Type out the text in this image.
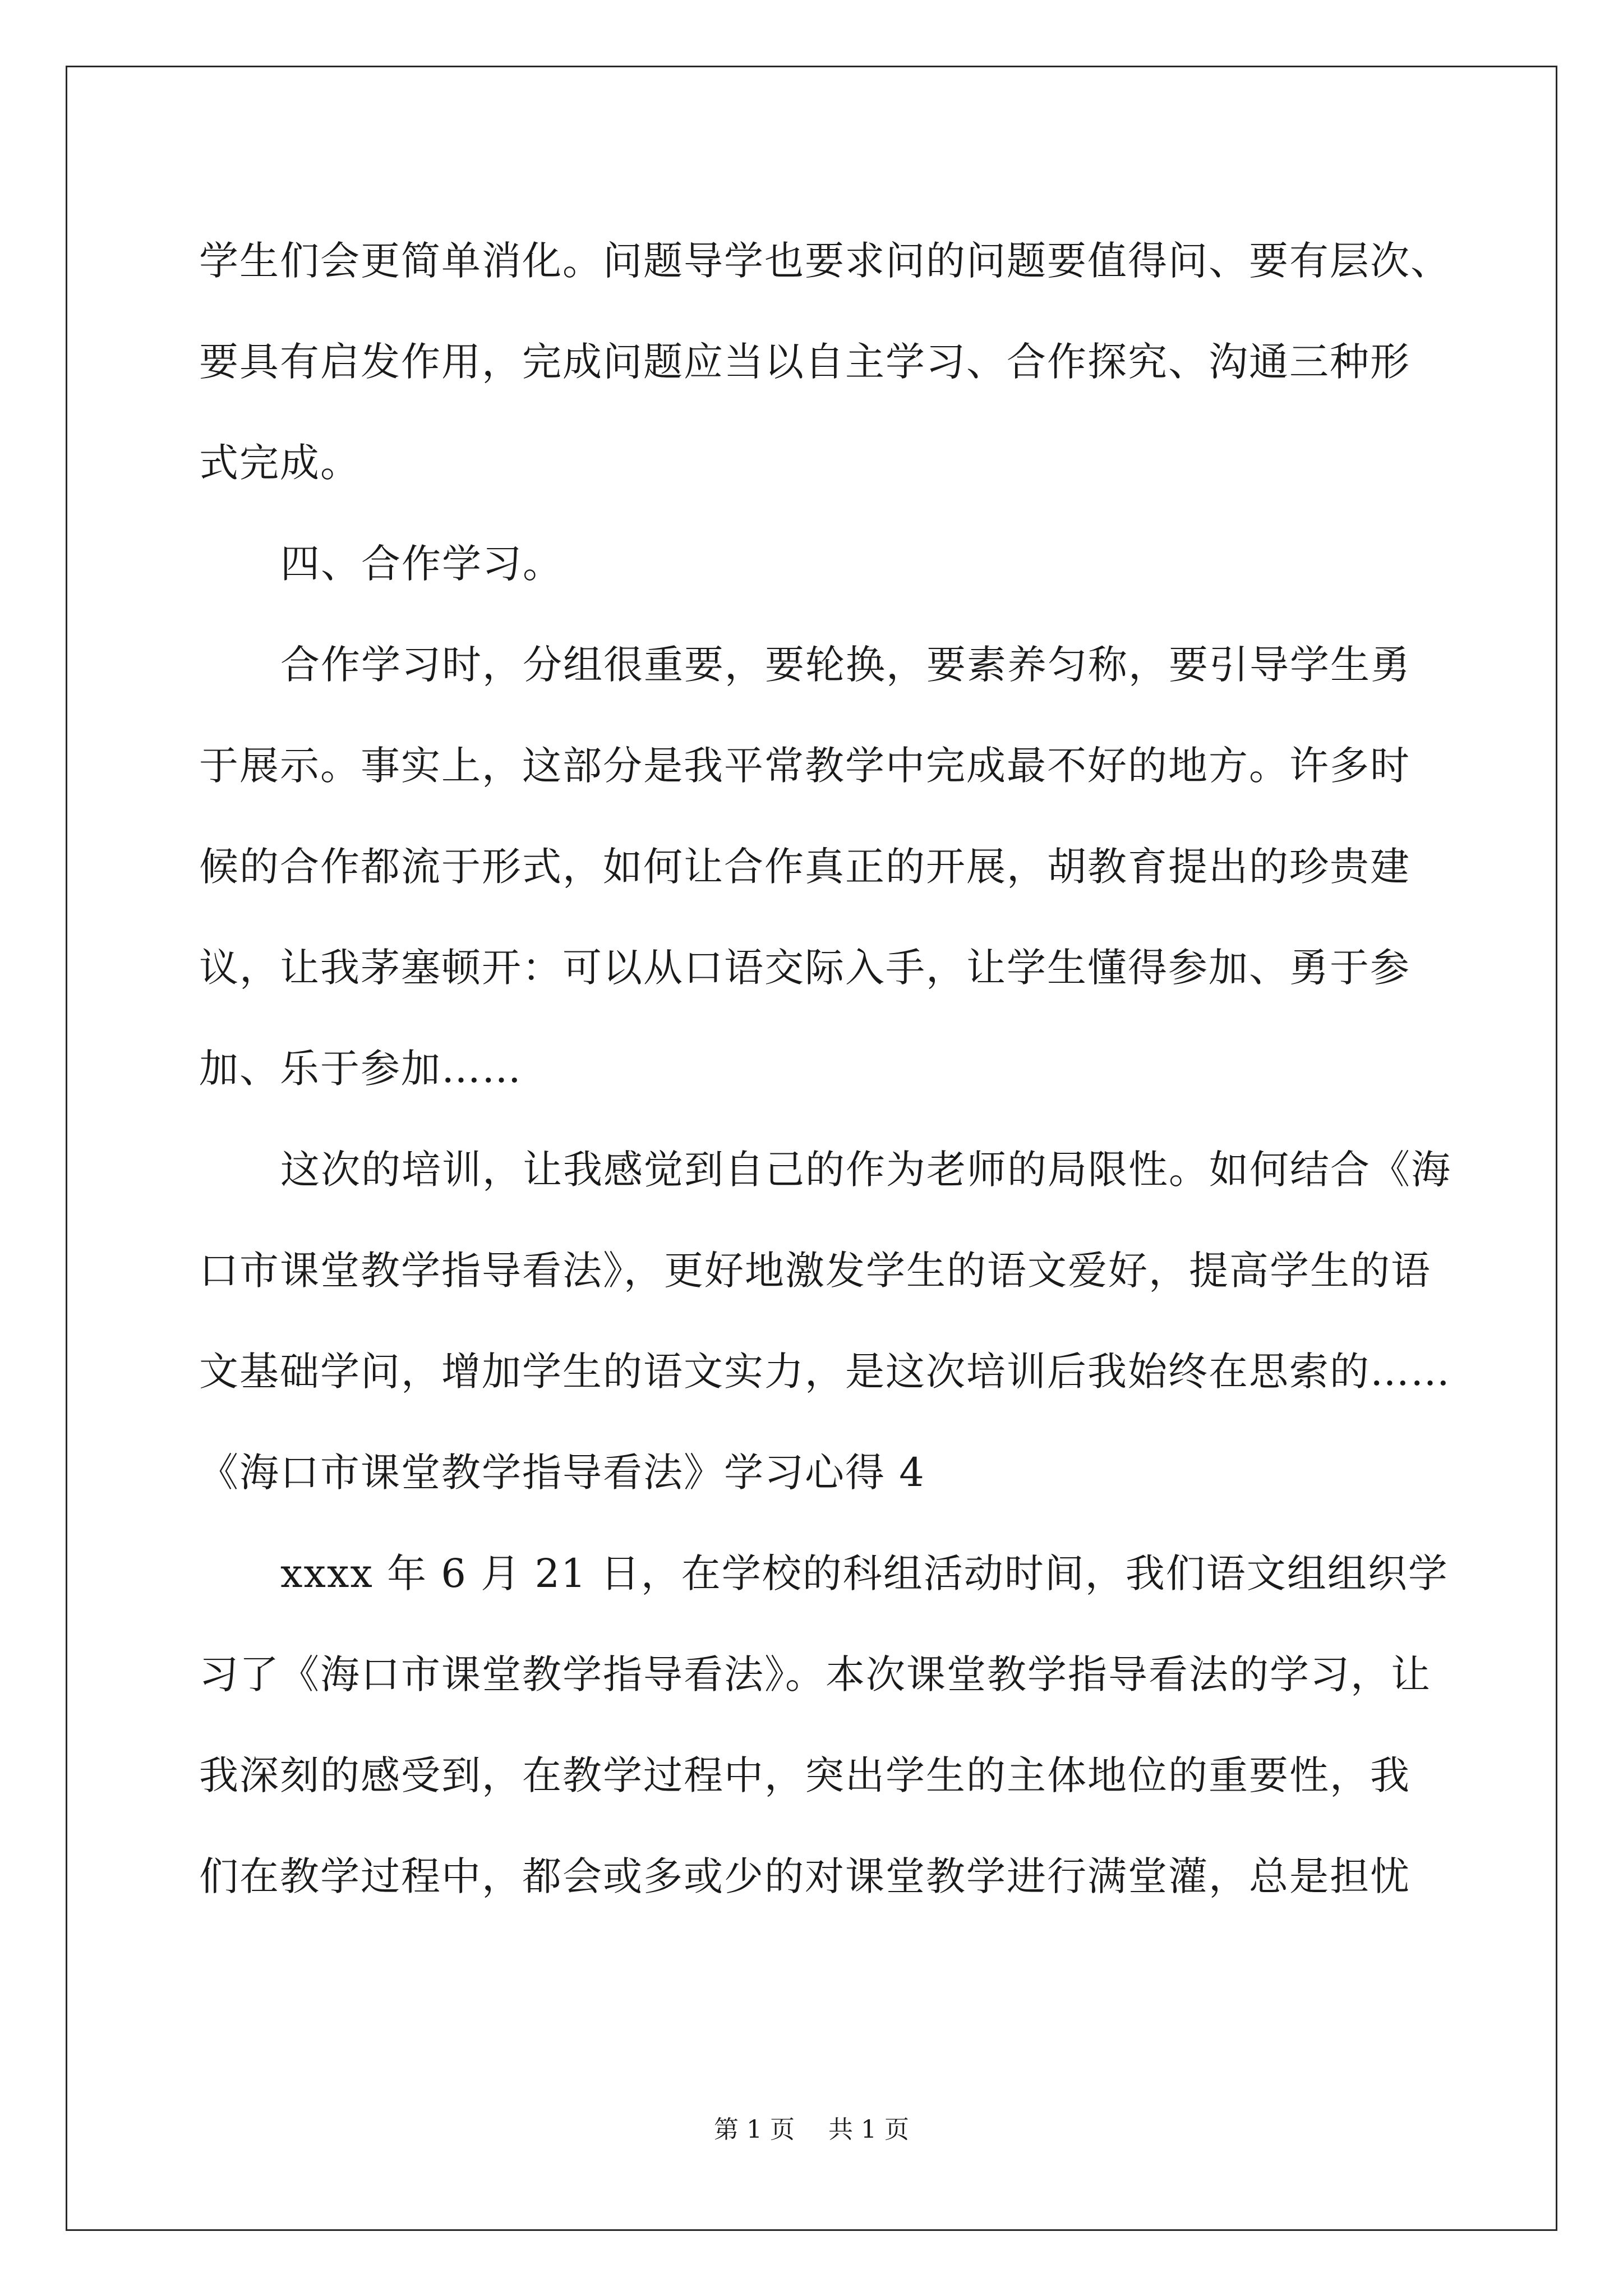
学生们会更简单消化。问题导学也要求问的问题要值得问、要有层次、
要具有启发作用，完成问题应当以自主学习、合作探究、沟通三种形
式完成。
四、合作学习。
合作学习时，分组很重要，要轮换，要素养匀称，要引导学生勇
于展示。事实上，这部分是我平常教学中完成最不好的地方。许多时
候的合作都流于形式，如何让合作真正的开展，胡教育提出的珍贵建
议，让我茅塞顿开：可以从口语交际入手，让学生懂得参加、勇于参
加、乐于参加……
这次的培训，让我感觉到自己的作为老师的局限性。如何结合《海
口市课堂教学指导看法》，更好地激发学生的语文爱好，提高学生的语
文基础学问，增加学生的语文实力，是这次培训后我始终在思索的……
《海口市课堂教学指导看法》学习心得 4
xxxx 年 6 月 21 日，在学校的科组活动时间，我们语文组组织学
习了《海口市课堂教学指导看法》。本次课堂教学指导看法的学习，让
我深刻的感受到，在教学过程中，突出学生的主体地位的重要性，我
们在教学过程中，都会或多或少的对课堂教学进行满堂灌，总是担忧
第 1 页 共 1 页
